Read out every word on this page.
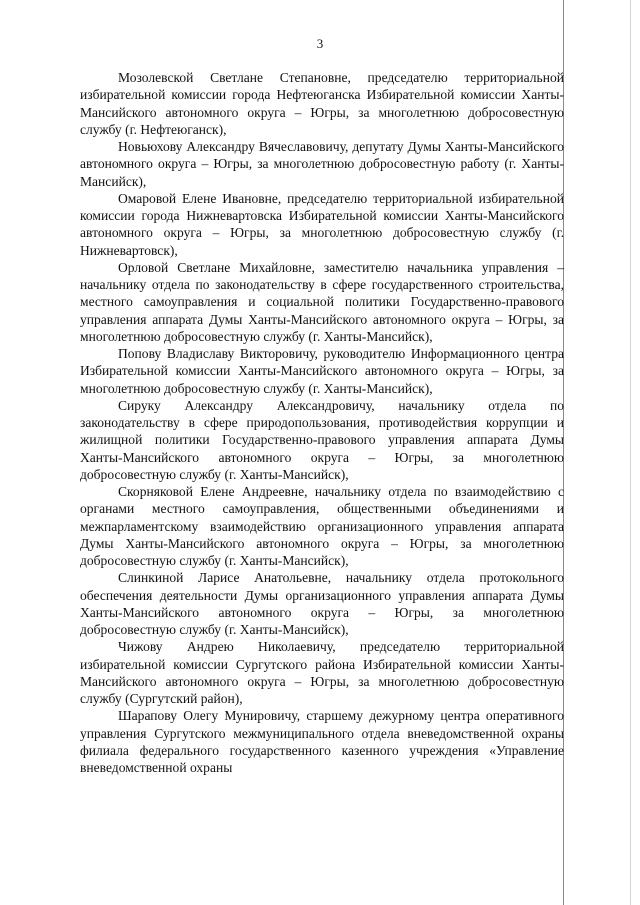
3

Мозолевской Светлане Степановне, председателю территориальной избирательной комиссии города Нефтеюганска Избирательной комиссии Ханты-Мансийского автономного округа – Югры, за многолетнюю добросовестную службу (г. Нефтеюганск),

Новьюхову Александру Вячеславовичу, депутату Думы Ханты-Мансийского автономного округа – Югры, за многолетнюю добросовестную работу (г. Ханты-Мансийск),

Омаровой Елене Ивановне, председателю территориальной избирательной комиссии города Нижневартовска Избирательной комиссии Ханты-Мансийского автономного округа – Югры, за многолетнюю добросовестную службу (г. Нижневартовск),

Орловой Светлане Михайловне, заместителю начальника управления – начальнику отдела по законодательству в сфере государственного строительства, местного самоуправления и социальной политики Государственно-правового управления аппарата Думы Ханты-Мансийского автономного округа – Югры, за многолетнюю добросовестную службу (г. Ханты-Мансийск),

Попову Владиславу Викторовичу, руководителю Информационного центра Избирательной комиссии Ханты-Мансийского автономного округа – Югры, за многолетнюю добросовестную службу (г. Ханты-Мансийск),

Сируку Александру Александровичу, начальнику отдела по законодательству в сфере природопользования, противодействия коррупции и жилищной политики Государственно-правового управления аппарата Думы Ханты-Мансийского автономного округа – Югры, за многолетнюю добросовестную службу (г. Ханты-Мансийск),

Скорняковой Елене Андреевне, начальнику отдела по взаимодействию с органами местного самоуправления, общественными объединениями и межпарламентскому взаимодействию организационного управления аппарата Думы Ханты-Мансийского автономного округа – Югры, за многолетнюю добросовестную службу (г. Ханты-Мансийск),

Слинкиной Ларисе Анатольевне, начальнику отдела протокольного обеспечения деятельности Думы организационного управления аппарата Думы Ханты-Мансийского автономного округа – Югры, за многолетнюю добросовестную службу (г. Ханты-Мансийск),

Чижову Андрею Николаевичу, председателю территориальной избирательной комиссии Сургутского района Избирательной комиссии Ханты-Мансийского автономного округа – Югры, за многолетнюю добросовестную службу (Сургутский район),

Шарапову Олегу Мунировичу, старшему дежурному центра оперативного управления Сургутского межмуниципального отдела вневедомственной охраны филиала федерального государственного казенного учреждения «Управление вневедомственной охраны
